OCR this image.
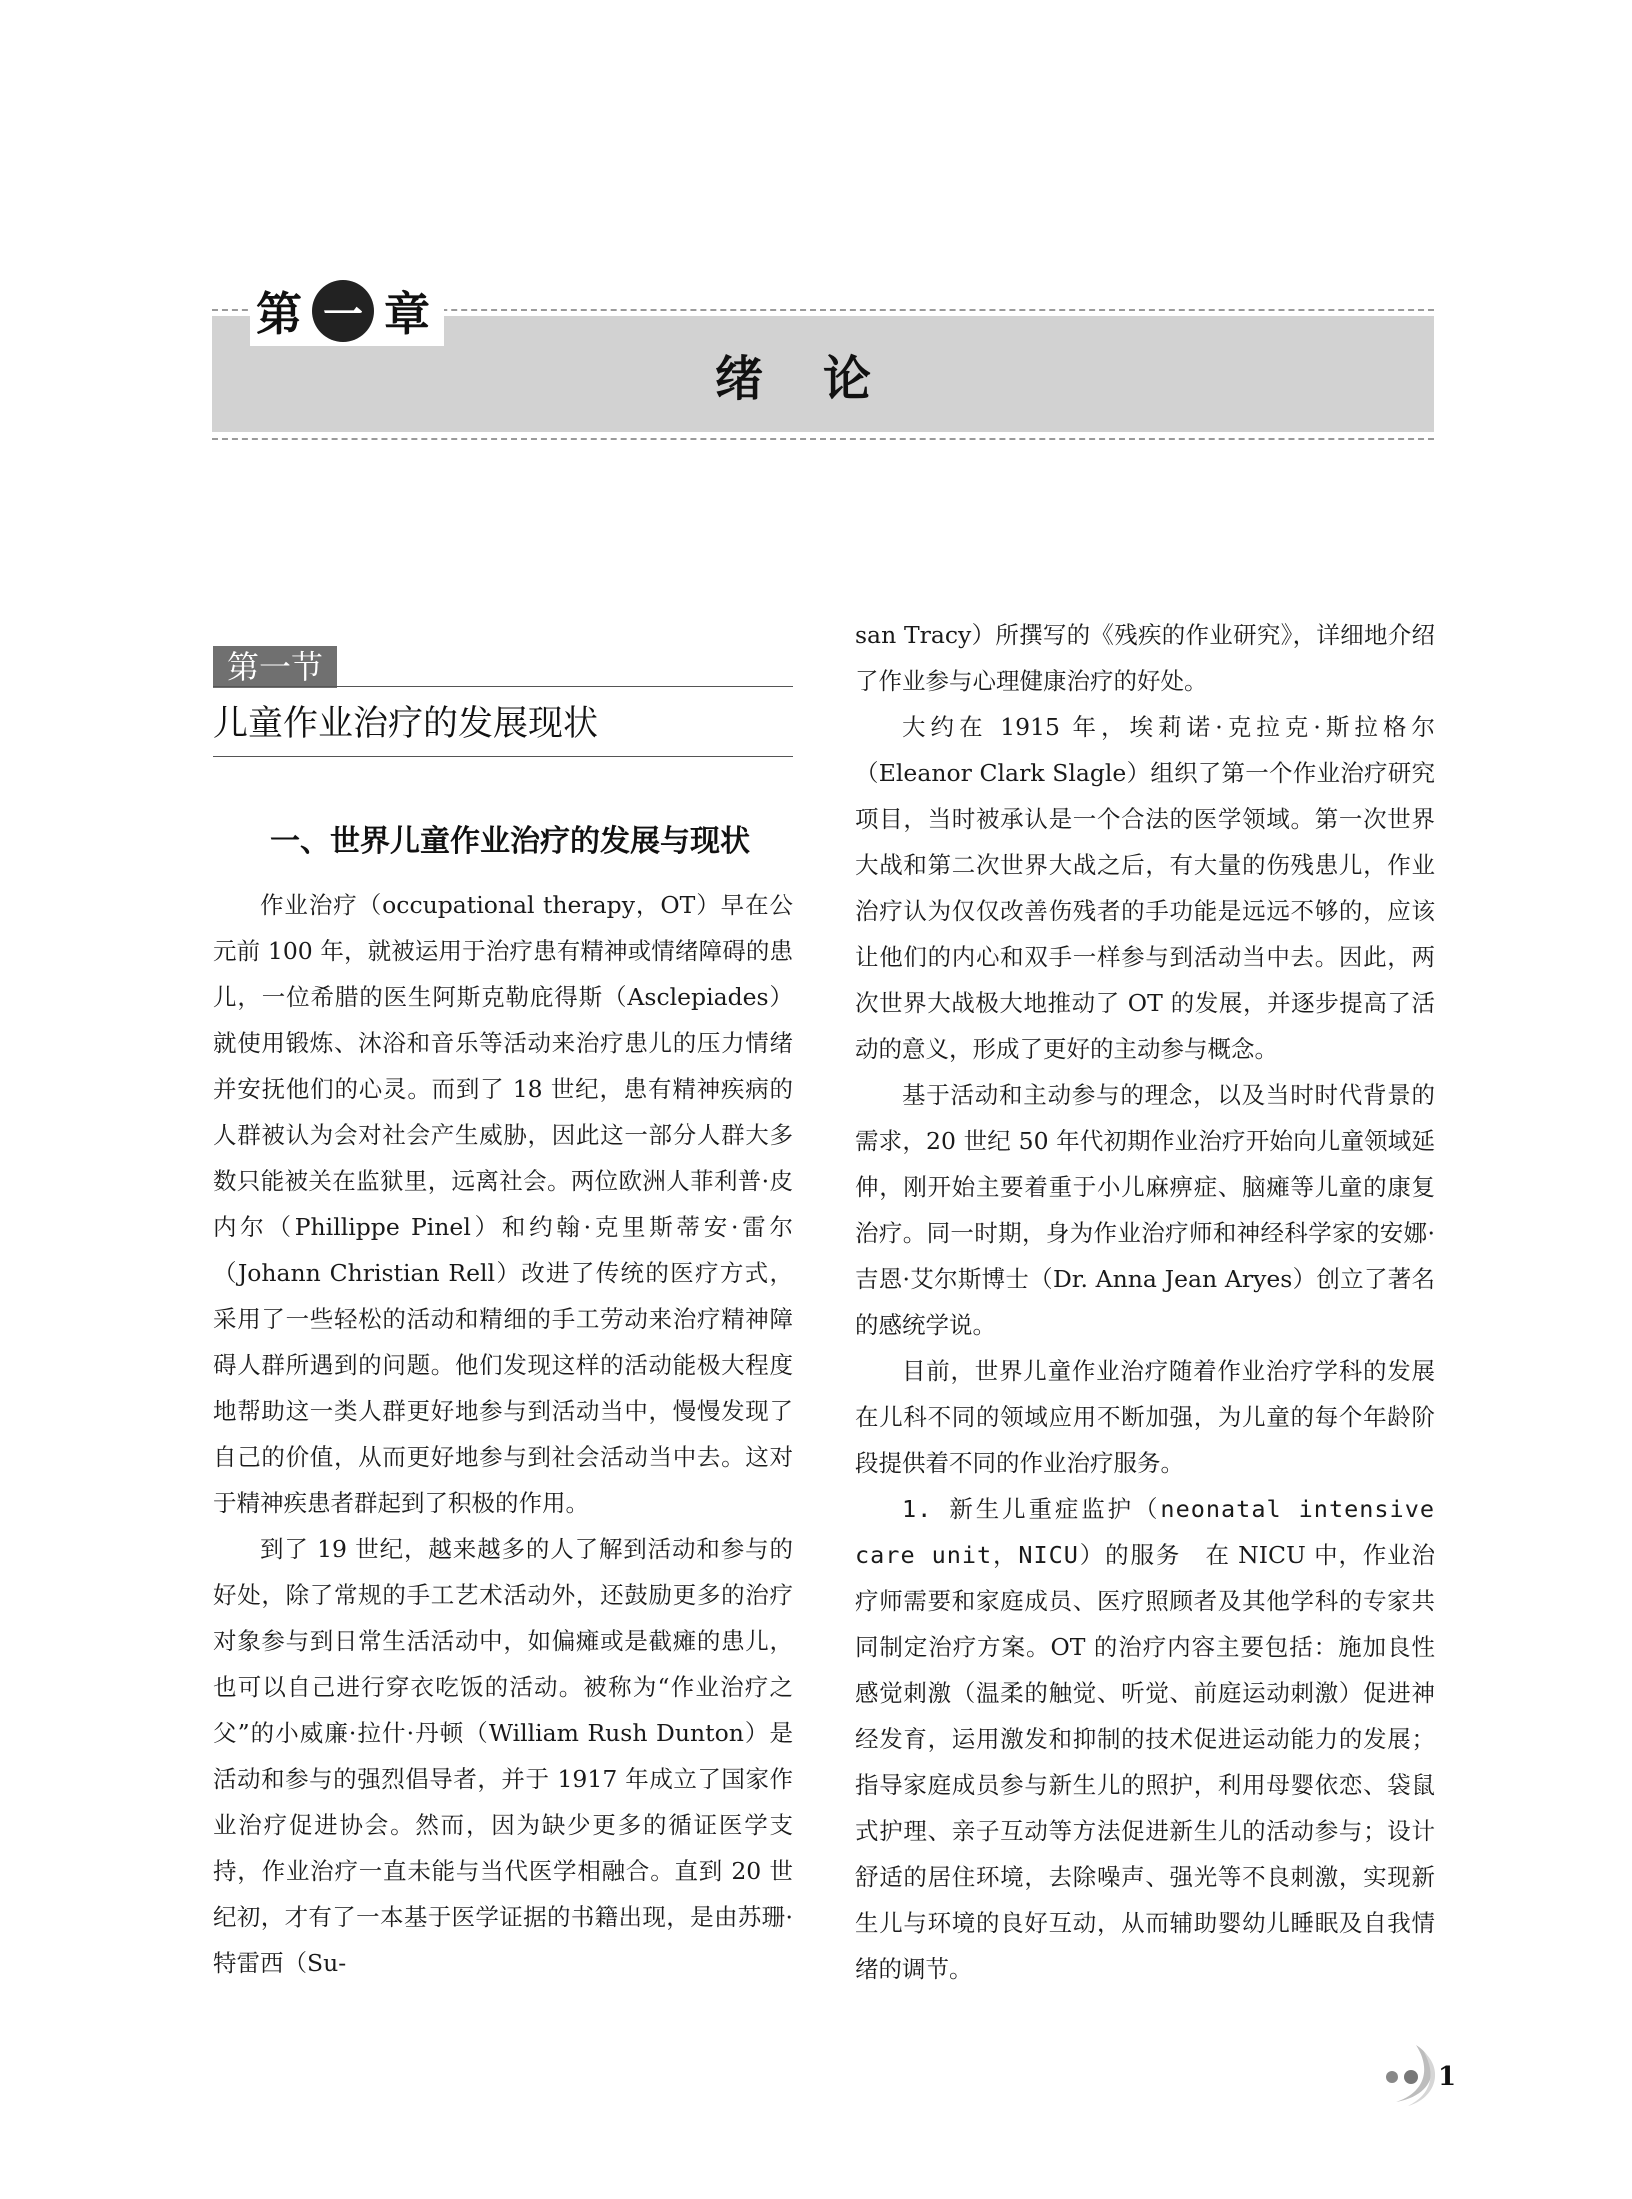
第 一 章
绪论
第一节
儿童作业治疗的发展现状
一、世界儿童作业治疗的发展与现状

作业治疗（occupational therapy，OT）早在公元前 100 年，就被运用于治疗患有精神或情绪障碍的患儿，一位希腊的医生阿斯克勒庇得斯（Asclepiades）就使用锻炼、沐浴和音乐等活动来治疗患儿的压力情绪并安抚他们的心灵。而到了 18 世纪，患有精神疾病的人群被认为会对社会产生威胁，因此这一部分人群大多数只能被关在监狱里，远离社会。两位欧洲人菲利普·皮内尔（Phillippe Pinel）和约翰·克里斯蒂安·雷尔（Johann Christian Rell）改进了传统的医疗方式，采用了一些轻松的活动和精细的手工劳动来治疗精神障碍人群所遇到的问题。他们发现这样的活动能极大程度地帮助这一类人群更好地参与到活动当中，慢慢发现了自己的价值，从而更好地参与到社会活动当中去。这对于精神疾患者群起到了积极的作用。

到了 19 世纪，越来越多的人了解到活动和参与的好处，除了常规的手工艺术活动外，还鼓励更多的治疗对象参与到日常生活活动中，如偏瘫或是截瘫的患儿，也可以自己进行穿衣吃饭的活动。被称为“作业治疗之父”的小威廉·拉什·丹顿（William Rush Dunton）是活动和参与的强烈倡导者，并于 1917 年成立了国家作业治疗促进协会。然而，因为缺少更多的循证医学支持，作业治疗一直未能与当代医学相融合。直到 20 世纪初，才有了一本基于医学证据的书籍出现，是由苏珊·特雷西（Su-

san Tracy）所撰写的《残疾的作业研究》，详细地介绍了作业参与心理健康治疗的好处。

大约在 1915 年，埃莉诺·克拉克·斯拉格尔（Eleanor Clark Slagle）组织了第一个作业治疗研究项目，当时被承认是一个合法的医学领域。第一次世界大战和第二次世界大战之后，有大量的伤残患儿，作业治疗认为仅仅改善伤残者的手功能是远远不够的，应该让他们的内心和双手一样参与到活动当中去。因此，两次世界大战极大地推动了 OT 的发展，并逐步提高了活动的意义，形成了更好的主动参与概念。

基于活动和主动参与的理念，以及当时时代背景的需求，20 世纪 50 年代初期作业治疗开始向儿童领域延伸，刚开始主要着重于小儿麻痹症、脑瘫等儿童的康复治疗。同一时期，身为作业治疗师和神经科学家的安娜·吉恩·艾尔斯博士（Dr. Anna Jean Aryes）创立了著名的感统学说。

目前，世界儿童作业治疗随着作业治疗学科的发展在儿科不同的领域应用不断加强，为儿童的每个年龄阶段提供着不同的作业治疗服务。

1. 新生儿重症监护（neonatal intensive care unit，NICU）的服务　 在 NICU 中，作业治疗师需要和家庭成员、医疗照顾者及其他学科的专家共同制定治疗方案。OT 的治疗内容主要包括：施加良性感觉刺激（温柔的触觉、听觉、前庭运动刺激）促进神经发育，运用激发和抑制的技术促进运动能力的发展；指导家庭成员参与新生儿的照护，利用母婴依恋、袋鼠式护理、亲子互动等方法促进新生儿的活动参与；设计舒适的居住环境，去除噪声、强光等不良刺激，实现新生儿与环境的良好互动，从而辅助婴幼儿睡眠及自我情绪的调节。

1
